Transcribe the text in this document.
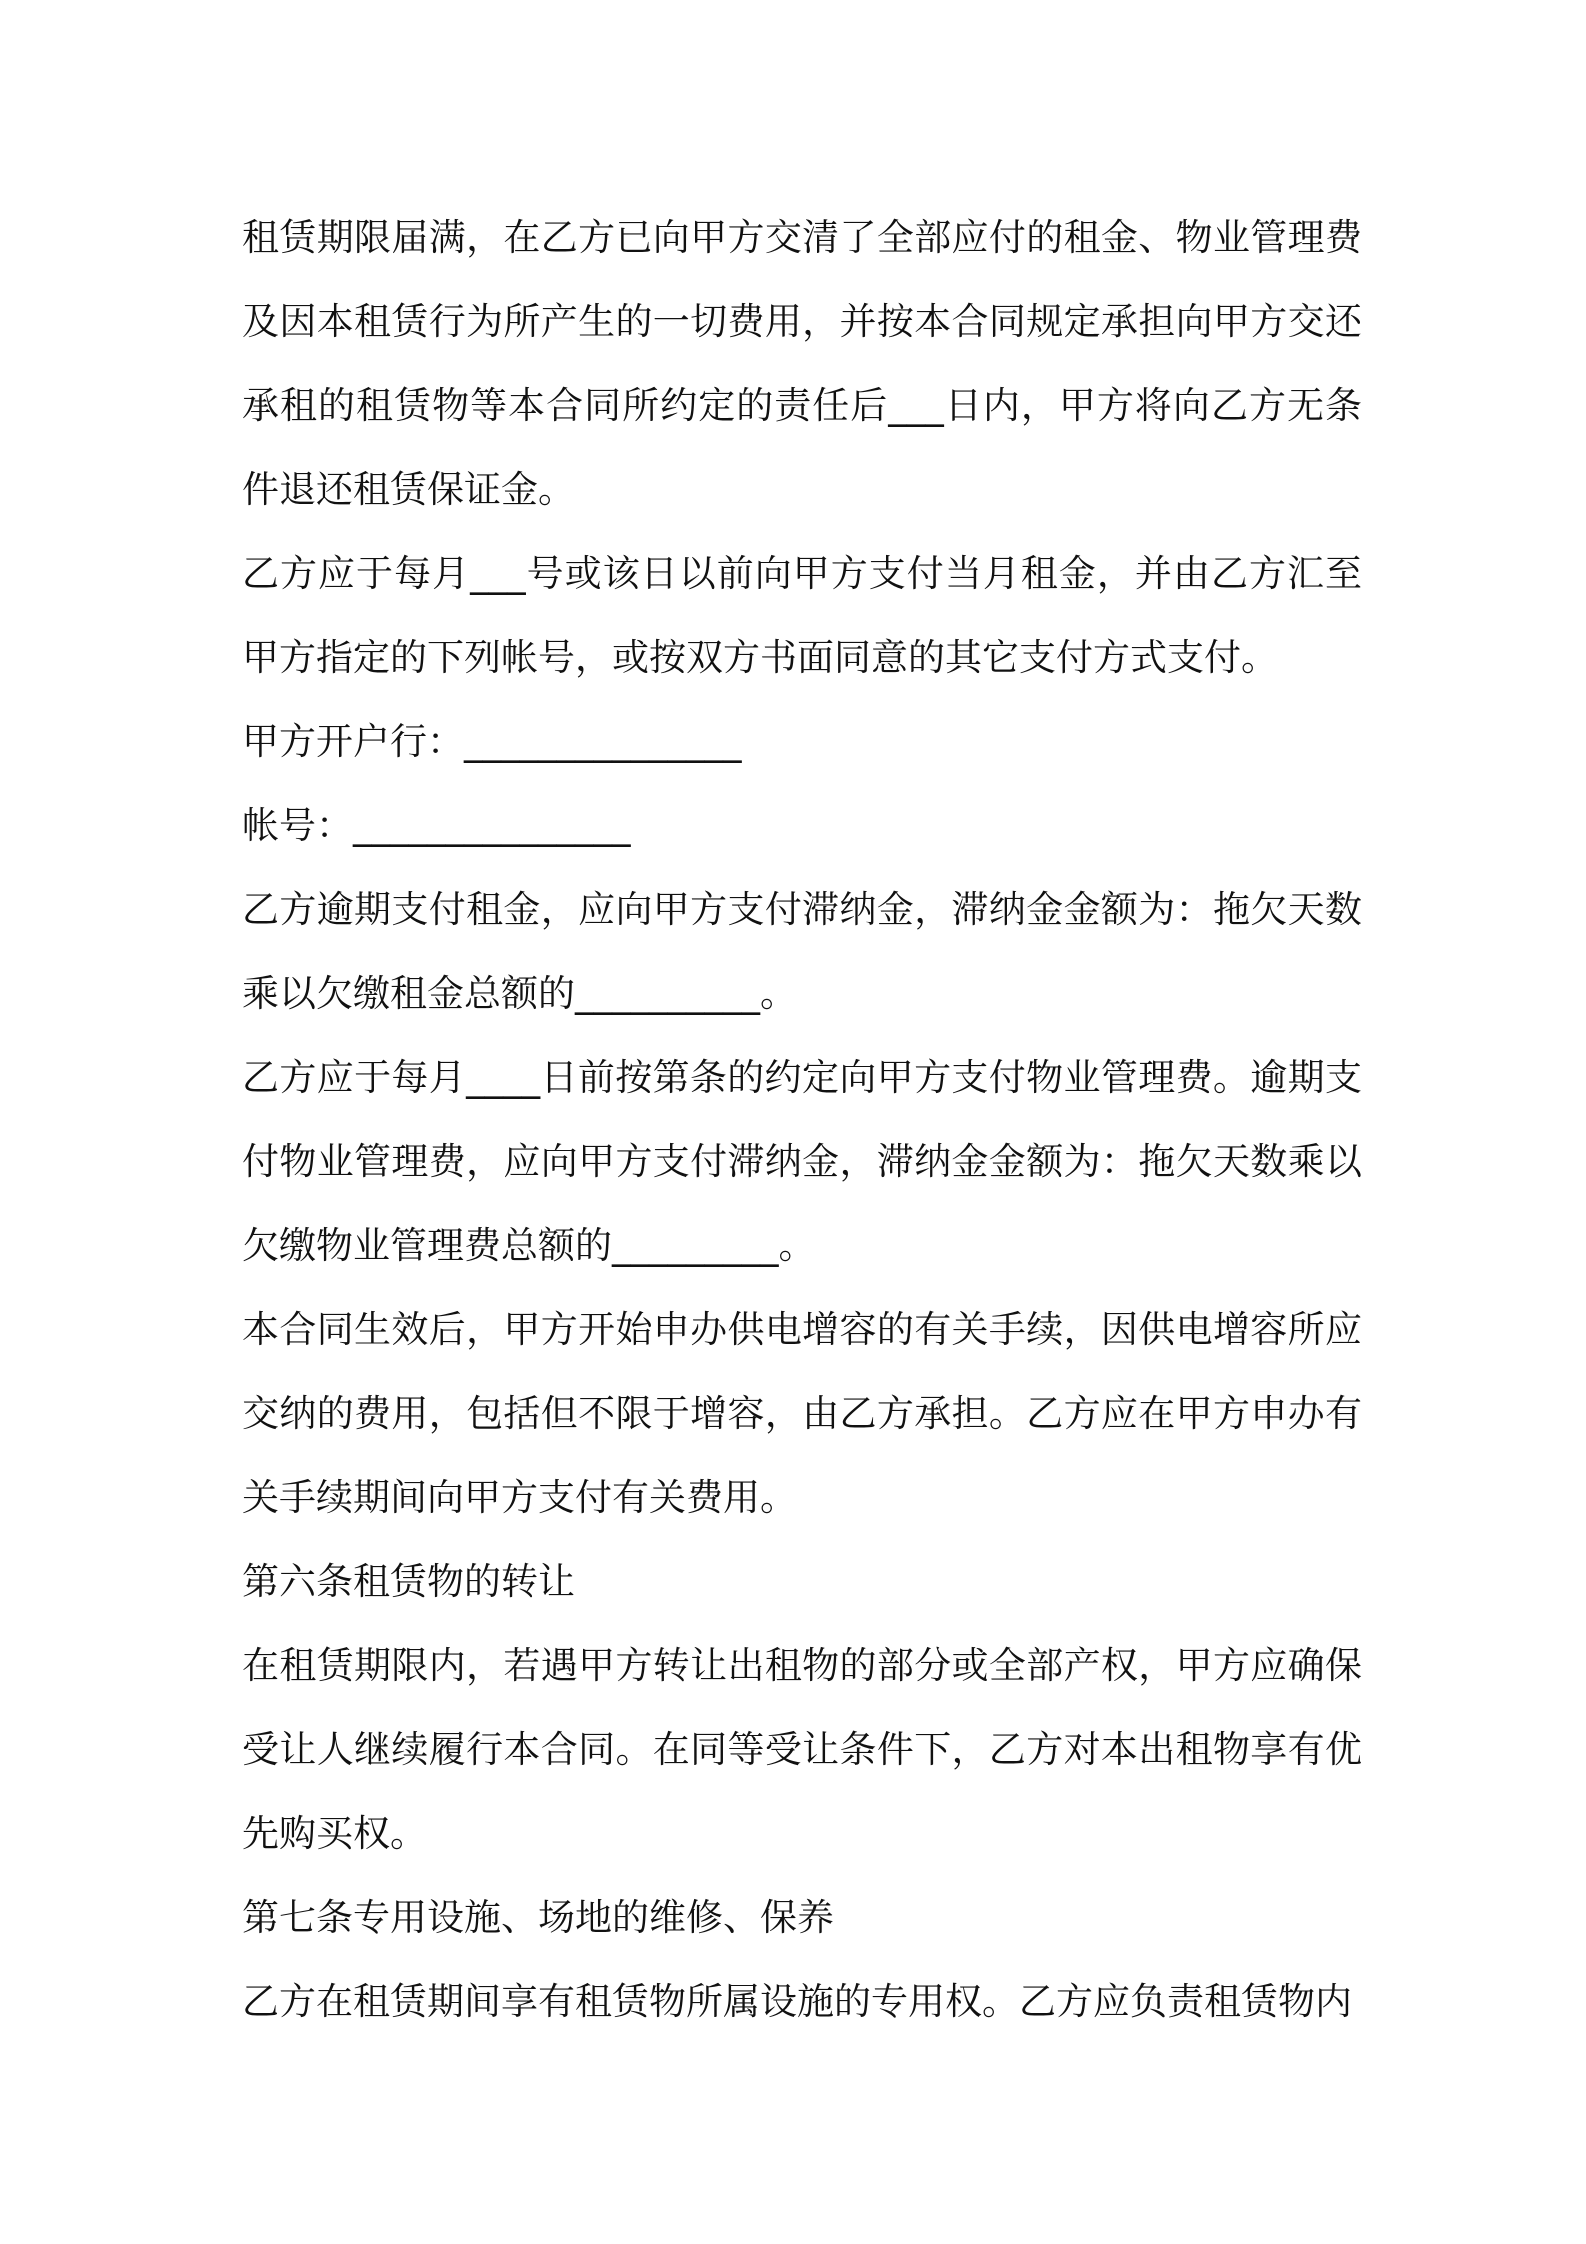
租赁期限届满，在乙方已向甲方交清了全部应付的租金、物业管理费及因本租赁行为所产生的一切费用，并按本合同规定承担向甲方交还承租的租赁物等本合同所约定的责任后___日内，甲方将向乙方无条件退还租赁保证金。

乙方应于每月___号或该日以前向甲方支付当月租金，并由乙方汇至甲方指定的下列帐号，或按双方书面同意的其它支付方式支付。

甲方开户行：_______________

帐号：_______________

乙方逾期支付租金，应向甲方支付滞纳金，滞纳金金额为：拖欠天数乘以欠缴租金总额的__________。

乙方应于每月____日前按第条的约定向甲方支付物业管理费。逾期支付物业管理费，应向甲方支付滞纳金，滞纳金金额为：拖欠天数乘以欠缴物业管理费总额的_________。

本合同生效后，甲方开始申办供电增容的有关手续，因供电增容所应交纳的费用，包括但不限于增容，由乙方承担。乙方应在甲方申办有关手续期间向甲方支付有关费用。

第六条租赁物的转让

在租赁期限内，若遇甲方转让出租物的部分或全部产权，甲方应确保受让人继续履行本合同。在同等受让条件下，乙方对本出租物享有优先购买权。

第七条专用设施、场地的维修、保养

乙方在租赁期间享有租赁物所属设施的专用权。乙方应负责租赁物内
